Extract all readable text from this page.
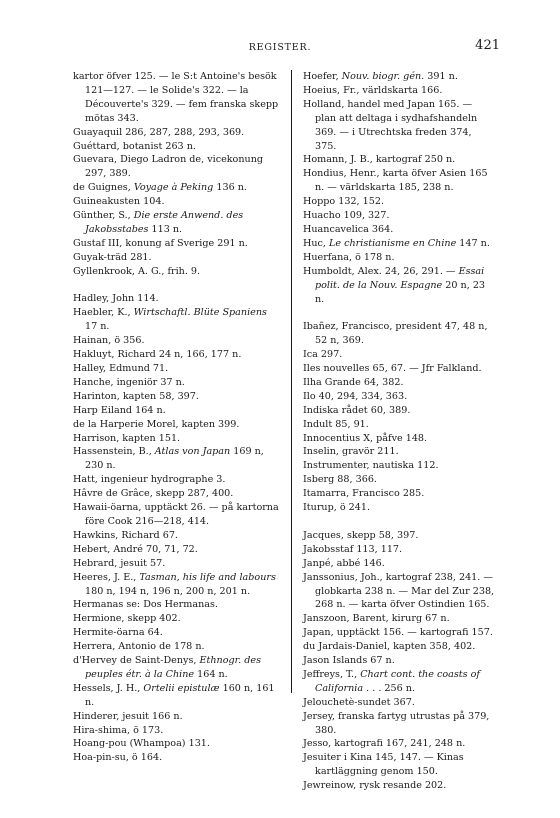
REGISTER.	421
kartor öfver 125. — le S:t Antoine's besök 121—127. — le Solide's 322. — la Découverte's 329. — fem franska skepp mötas 343.
Guayaquil 286, 287, 288, 293, 369.
Guéttard, botanist 263 n.
Guevara, Diego Ladron de, vicekonung 297, 389.
de Guignes, Voyage à Peking 136 n.
Guineakusten 104.
Günther, S., Die erste Anwend. des Jakobsstabes 113 n.
Gustaf III, konung af Sverige 291 n.
Guyak-träd 281.
Gyllenkrook, A. G., frih. 9.
Hadley, John 114.
Haebler, K., Wirtschaftl. Blüte Spaniens 17 n.
Hainan, ö 356.
Hakluyt, Richard 24 n, 166, 177 n.
Halley, Edmund 71.
Hanche, ingeniör 37 n.
Harinton, kapten 58, 397.
Harp Eiland 164 n.
de la Harperie Morel, kapten 399.
Harrison, kapten 151.
Hassenstein, B., Atlas von Japan 169 n, 230 n.
Hatt, ingenieur hydrographe 3.
Hâvre de Grâce, skepp 287, 400.
Hawaii-öarna, upptäckt 26. — på kartorna före Cook 216—218, 414.
Hawkins, Richard 67.
Hebert, André 70, 71, 72.
Hebrard, jesuit 57.
Heeres, J. E., Tasman, his life and labours 180 n, 194 n, 196 n, 200 n, 201 n.
Hermanas se: Dos Hermanas.
Hermione, skepp 402.
Hermite-öarna 64.
Herrera, Antonio de 178 n.
d'Hervey de Saint-Denys, Ethnogr. des peuples étr. à la Chine 164 n.
Hessels, J. H., Ortelii epistulæ 160 n, 161 n.
Hinderer, jesuit 166 n.
Hira-shima, ö 173.
Hoang-pou (Whampoa) 131.
Hoa-pin-su, ö 164.
Hoefer, Nouv. biogr. gén. 391 n.
Hoeius, Fr., världskarta 166.
Holland, handel med Japan 165. — plan att deltaga i sydhafshandeln 369. — i Utrechtska freden 374, 375.
Homann, J. B., kartograf 250 n.
Hondius, Henr., karta öfver Asien 165 n. — världskarta 185, 238 n.
Hoppo 132, 152.
Huacho 109, 327.
Huancavelica 364.
Huc, Le christianisme en Chine 147 n.
Huerfana, ö 178 n.
Humboldt, Alex. 24, 26, 291. — Essai polit. de la Nouv. Espagne 20 n, 23 n.
Ibañez, Francisco, president 47, 48 n, 52 n, 369.
Ica 297.
Iles nouvelles 65, 67. — Jfr Falkland.
Ilha Grande 64, 382.
Ilo 40, 294, 334, 363.
Indiska rådet 60, 389.
Indult 85, 91.
Innocentius X, påfve 148.
Inselin, gravör 211.
Instrumenter, nautiska 112.
Isberg 88, 366.
Itamarra, Francisco 285.
Iturup, ö 241.
Jacques, skepp 58, 397.
Jakobsstaf 113, 117.
Janpé, abbé 146.
Janssonius, Joh., kartograf 238, 241. — globkarta 238 n. — Mar del Zur 238, 268 n. — karta öfver Ostindien 165.
Janszoon, Barent, kirurg 67 n.
Japan, upptäckt 156. — kartografi 157.
du Jardais-Daniel, kapten 358, 402.
Jason Islands 67 n.
Jeffreys, T., Chart cont. the coasts of California . . . 256 n.
Jelouchetè-sundet 367.
Jersey, franska fartyg utrustas på 379, 380.
Jesso, kartografi 167, 241, 248 n.
Jesuiter i Kina 145, 147. — Kinas kartläggning genom 150.
Jewreinow, rysk resande 202.
